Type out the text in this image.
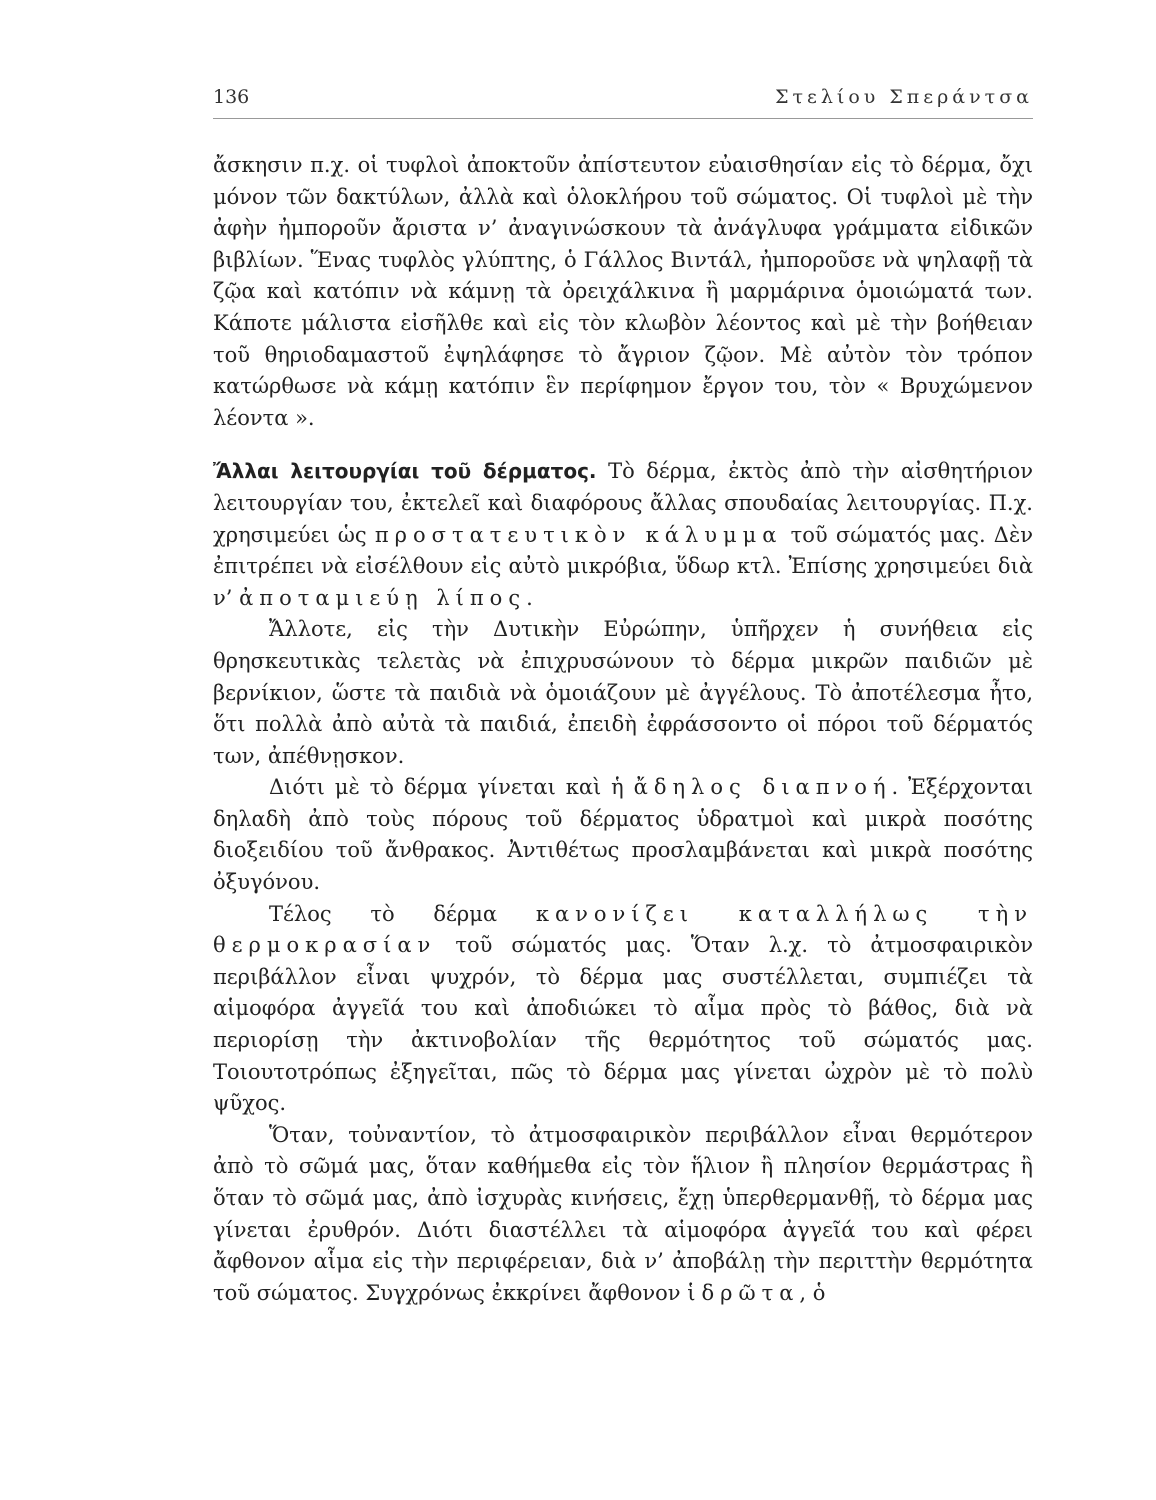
136	Στελίου Σπεράντσα

ἄσκησιν π.χ. οἱ τυφλοὶ ἀποκτοῦν ἀπίστευτον εὐαισθησίαν εἰς τὸ δέρμα, ὄχι μόνον τῶν δακτύλων, ἀλλὰ καὶ ὁλοκλήρου τοῦ σώματος. Οἱ τυφλοὶ μὲ τὴν ἀφὴν ἠμποροῦν ἄριστα ν’ ἀναγινώσκουν τὰ ἀνάγλυφα γράμματα εἰδικῶν βιβλίων. Ἕνας τυφλὸς γλύπτης, ὁ Γάλλος Βιντάλ, ἠμποροῦσε νὰ ψηλαφῇ τὰ ζῷα καὶ κατόπιν νὰ κάμνῃ τὰ ὀρειχάλκινα ἢ μαρμάρινα ὁμοιώματά των. Κάποτε μάλιστα εἰσῆλθε καὶ εἰς τὸν κλωβὸν λέοντος καὶ μὲ τὴν βοήθειαν τοῦ θηριοδαμαστοῦ ἐψηλάφησε τὸ ἄγριον ζῷον. Μὲ αὐτὸν τὸν τρόπον κατώρθωσε νὰ κάμῃ κατόπιν ἓν περίφημον ἔργον του, τὸν « Βρυχώμενον λέοντα ».

Ἄλλαι λειτουργίαι τοῦ δέρματος. Τὸ δέρμα, ἐκτὸς ἀπὸ τὴν αἰσθητήριον λειτουργίαν του, ἐκτελεῖ καὶ διαφόρους ἄλλας σπουδαίας λειτουργίας. Π.χ. χρησιμεύει ὡς προστατευτικὸν κάλυμμα τοῦ σώματός μας. Δὲν ἐπιτρέπει νὰ εἰσέλθουν εἰς αὐτὸ μικρόβια, ὕδωρ κτλ. Ἐπίσης χρησιμεύει διὰ ν’ ἀποταμιεύῃ λίπος.

Ἄλλοτε, εἰς τὴν Δυτικὴν Εὐρώπην, ὑπῆρχεν ἡ συνήθεια εἰς θρησκευτικὰς τελετὰς νὰ ἐπιχρυσώνουν τὸ δέρμα μικρῶν παιδιῶν μὲ βερνίκιον, ὥστε τὰ παιδιὰ νὰ ὁμοιάζουν μὲ ἀγγέλους. Τὸ ἀποτέλεσμα ἦτο, ὅτι πολλὰ ἀπὸ αὐτὰ τὰ παιδιά, ἐπειδὴ ἐφράσσοντο οἱ πόροι τοῦ δέρματός των, ἀπέθνῃσκον.

Διότι μὲ τὸ δέρμα γίνεται καὶ ἡ ἄδηλος διαπνοή. Ἐξέρχονται δηλαδὴ ἀπὸ τοὺς πόρους τοῦ δέρματος ὑδρατμοὶ καὶ μικρὰ ποσότης διοξειδίου τοῦ ἄνθρακος. Ἀντιθέτως προσλαμβάνεται καὶ μικρὰ ποσότης ὀξυγόνου.

Τέλος τὸ δέρμα κανονίζει καταλλήλως τὴν θερμοκρασίαν τοῦ σώματός μας. Ὅταν λ.χ. τὸ ἀτμοσφαιρικὸν περιβάλλον εἶναι ψυχρόν, τὸ δέρμα μας συστέλλεται, συμπιέζει τὰ αἱμοφόρα ἀγγεῖά του καὶ ἀποδιώκει τὸ αἷμα πρὸς τὸ βάθος, διὰ νὰ περιορίσῃ τὴν ἀκτινοβολίαν τῆς θερμότητος τοῦ σώματός μας. Τοιουτοτρόπως ἐξηγεῖται, πῶς τὸ δέρμα μας γίνεται ὠχρὸν μὲ τὸ πολὺ ψῦχος.

Ὅταν, τοὐναντίον, τὸ ἀτμοσφαιρικὸν περιβάλλον εἶναι θερμότερον ἀπὸ τὸ σῶμά μας, ὅταν καθήμεθα εἰς τὸν ἥλιον ἢ πλησίον θερμάστρας ἢ ὅταν τὸ σῶμά μας, ἀπὸ ἰσχυρὰς κινήσεις, ἔχῃ ὑπερθερμανθῇ, τὸ δέρμα μας γίνεται ἐρυθρόν. Διότι διαστέλλει τὰ αἱμοφόρα ἀγγεῖά του καὶ φέρει ἄφθονον αἷμα εἰς τὴν περιφέρειαν, διὰ ν’ ἀποβάλῃ τὴν περιττὴν θερμότητα τοῦ σώματος. Συγχρόνως ἐκκρίνει ἄφθονον ἱδρῶτα, ὁ
